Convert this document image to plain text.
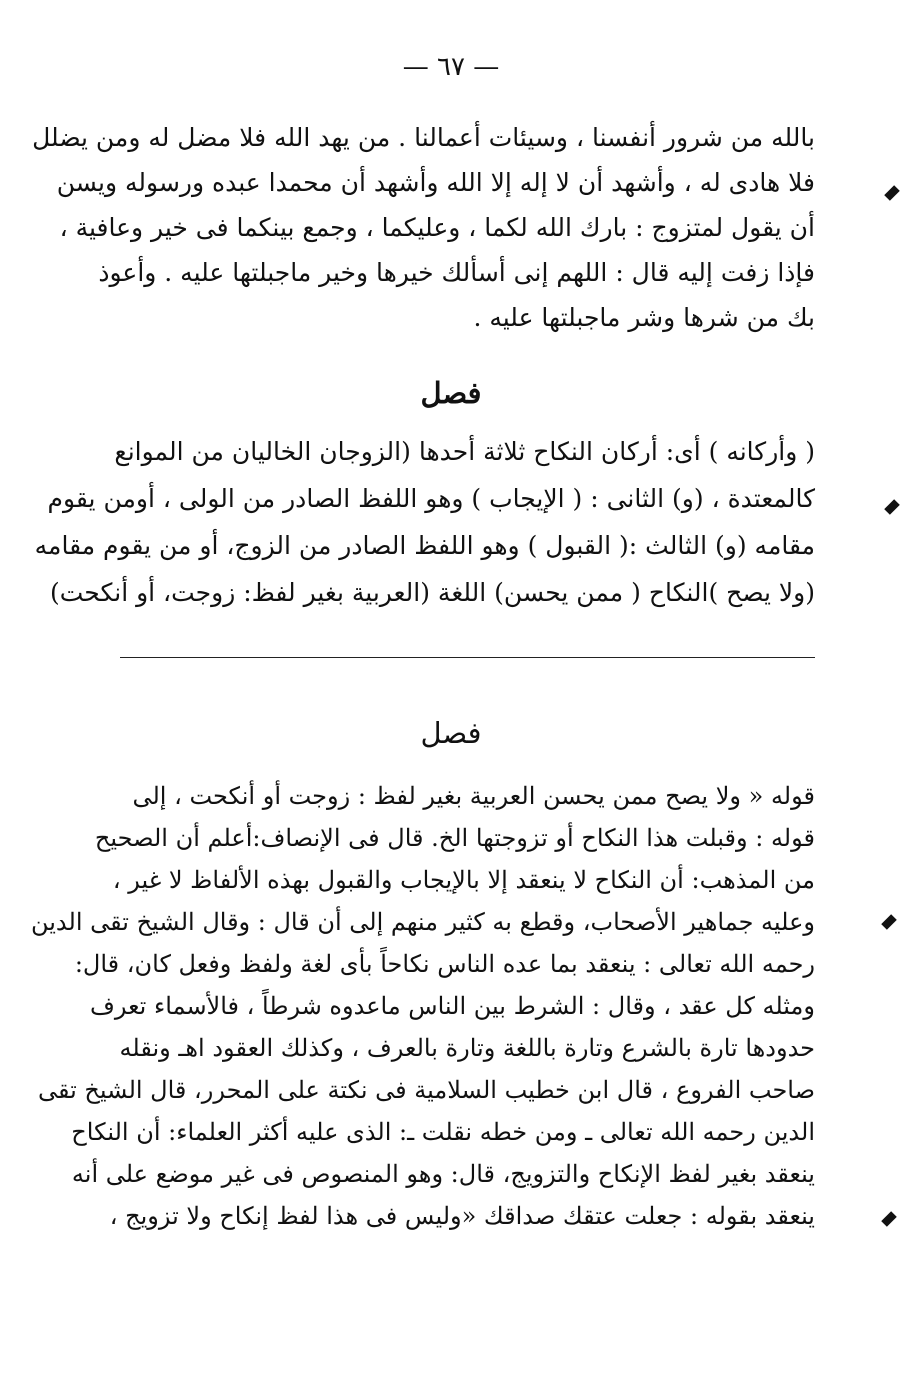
— ٦٧ —
بالله من شرور أنفسنا ، وسيئات أعمالنا . من يهد الله فلا مضل له ومن يضلل
فلا هادى له ، وأشهد أن لا إله إلا الله وأشهد أن محمدا عبده ورسوله ويسن
أن يقول لمتزوج : بارك الله لكما ، وعليكما ، وجمع بينكما فى خير وعافية ،
فإذا زفت إليه قال : اللهم إنى أسألك خيرها وخير ماجبلتها عليه . وأعوذ
بك من شرها وشر ماجبلتها عليه .
فصل
( وأركانه ) أى: أركان النكاح ثلاثة أحدها (الزوجان الخاليان من الموانع
كالمعتدة ، (و) الثانى : ( الإيجاب ) وهو اللفظ الصادر من الولى ، أومن يقوم
مقامه (و) الثالث :( القبول ) وهو اللفظ الصادر من الزوج، أو من يقوم مقامه
(ولا يصح )النكاح ( ممن يحسن) اللغة (العربية بغير لفظ: زوجت، أو أنكحت)
فصل
قوله « ولا يصح ممن يحسن العربية بغير لفظ : زوجت أو أنكحت ، إلى
قوله : وقبلت هذا النكاح أو تزوجتها الخ. قال فى الإنصاف:أعلم أن الصحيح
من المذهب: أن النكاح لا ينعقد إلا بالإيجاب والقبول بهذه الألفاظ لا غير ،
وعليه جماهير الأصحاب، وقطع به كثير منهم إلى أن قال : وقال الشيخ تقى الدين
رحمه الله تعالى : ينعقد بما عده الناس نكاحاً بأى لغة ولفظ وفعل كان، قال:
ومثله كل عقد ، وقال : الشرط بين الناس ماعدوه شرطاً ، فالأسماء تعرف
حدودها تارة بالشرع وتارة باللغة وتارة بالعرف ، وكذلك العقود اهـ ونقله
صاحب الفروع ، قال ابن خطيب السلامية فى نكتة على المحرر، قال الشيخ تقى
الدين رحمه الله تعالى ـ ومن خطه نقلت ـ: الذى عليه أكثر العلماء: أن النكاح
ينعقد بغير لفظ الإنكاح والتزويج، قال: وهو المنصوص فى غير موضع على أنه
ينعقد بقوله : جعلت عتقك صداقك «وليس فى هذا لفظ إنكاح ولا تزويج ،
